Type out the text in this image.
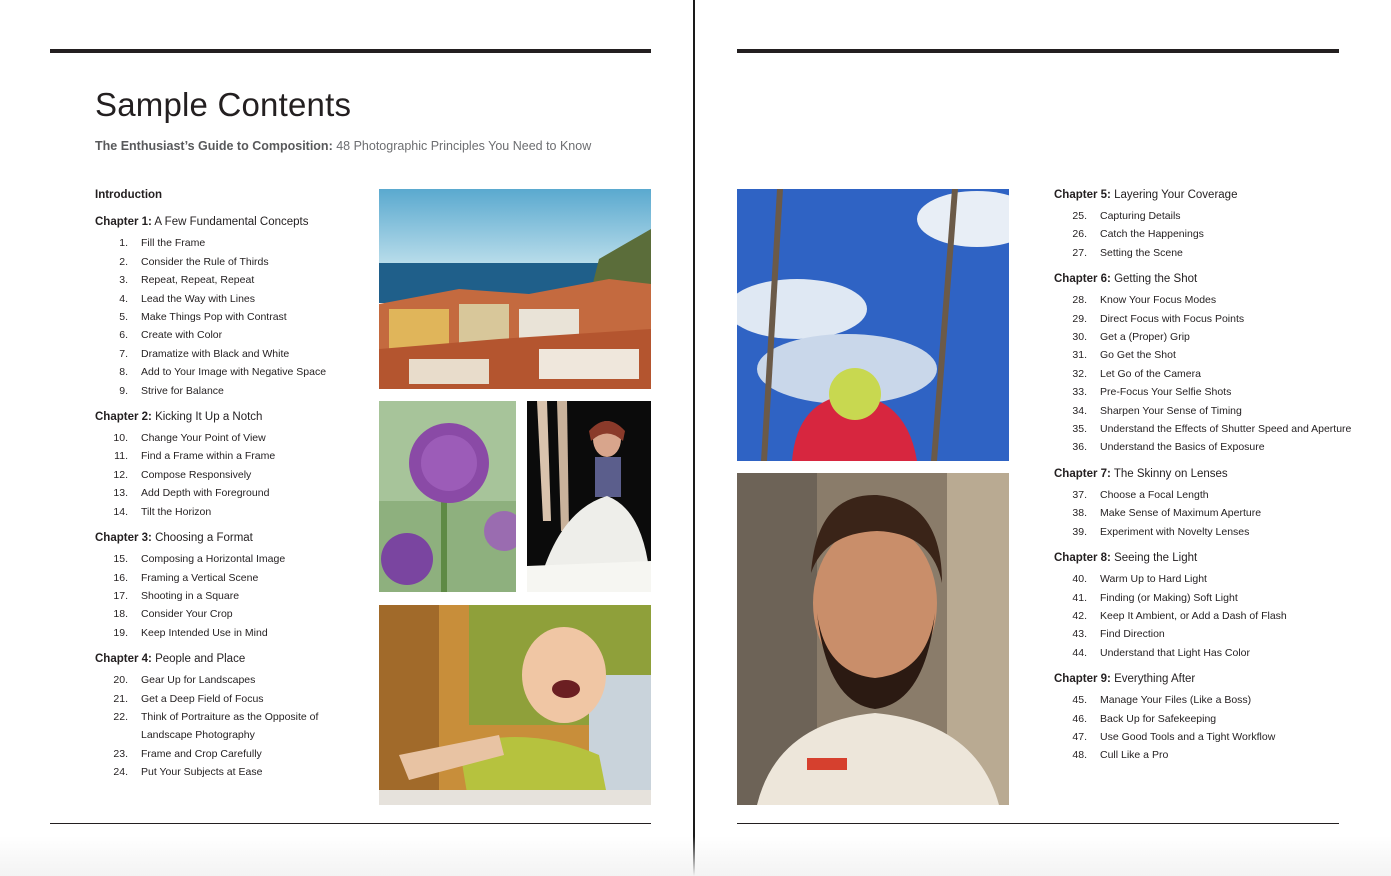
Sample Contents
The Enthusiast’s Guide to Composition: 48 Photographic Principles You Need to Know
Introduction
Chapter 1: A Few Fundamental Concepts
1.	Fill the Frame
2.	Consider the Rule of Thirds
3.	Repeat, Repeat, Repeat
4.	Lead the Way with Lines
5.	Make Things Pop with Contrast
6.	Create with Color
7.	Dramatize with Black and White
8.	Add to Your Image with Negative Space
9.	Strive for Balance
Chapter 2: Kicking It Up a Notch
10.	Change Your Point of View
11.	Find a Frame within a Frame
12.	Compose Responsively
13.	Add Depth with Foreground
14.	Tilt the Horizon
Chapter 3: Choosing a Format
15.	Composing a Horizontal Image
16.	Framing a Vertical Scene
17.	Shooting in a Square
18.	Consider Your Crop
19.	Keep Intended Use in Mind
Chapter 4: People and Place
20.	Gear Up for Landscapes
21.	Get a Deep Field of Focus
22.	Think of Portraiture as the Opposite of Landscape Photography
23.	Frame and Crop Carefully
24.	Put Your Subjects at Ease
Chapter 5: Layering Your Coverage
25.	Capturing Details
26.	Catch the Happenings
27.	Setting the Scene
Chapter 6: Getting the Shot
28.	Know Your Focus Modes
29.	Direct Focus with Focus Points
30.	Get a (Proper) Grip
31.	Go Get the Shot
32.	Let Go of the Camera
33.	Pre-Focus Your Selfie Shots
34.	Sharpen Your Sense of Timing
35.	Understand the Effects of Shutter Speed and Aperture
36.	Understand the Basics of Exposure
Chapter 7: The Skinny on Lenses
37.	Choose a Focal Length
38.	Make Sense of Maximum Aperture
39.	Experiment with Novelty Lenses
Chapter 8: Seeing the Light
40.	Warm Up to Hard Light
41.	Finding (or Making) Soft Light
42.	Keep It Ambient, or Add a Dash of Flash
43.	Find Direction
44.	Understand that Light Has Color
Chapter 9: Everything After
45.	Manage Your Files (Like a Boss)
46.	Back Up for Safekeeping
47.	Use Good Tools and a Tight Workflow
48.	Cull Like a Pro
